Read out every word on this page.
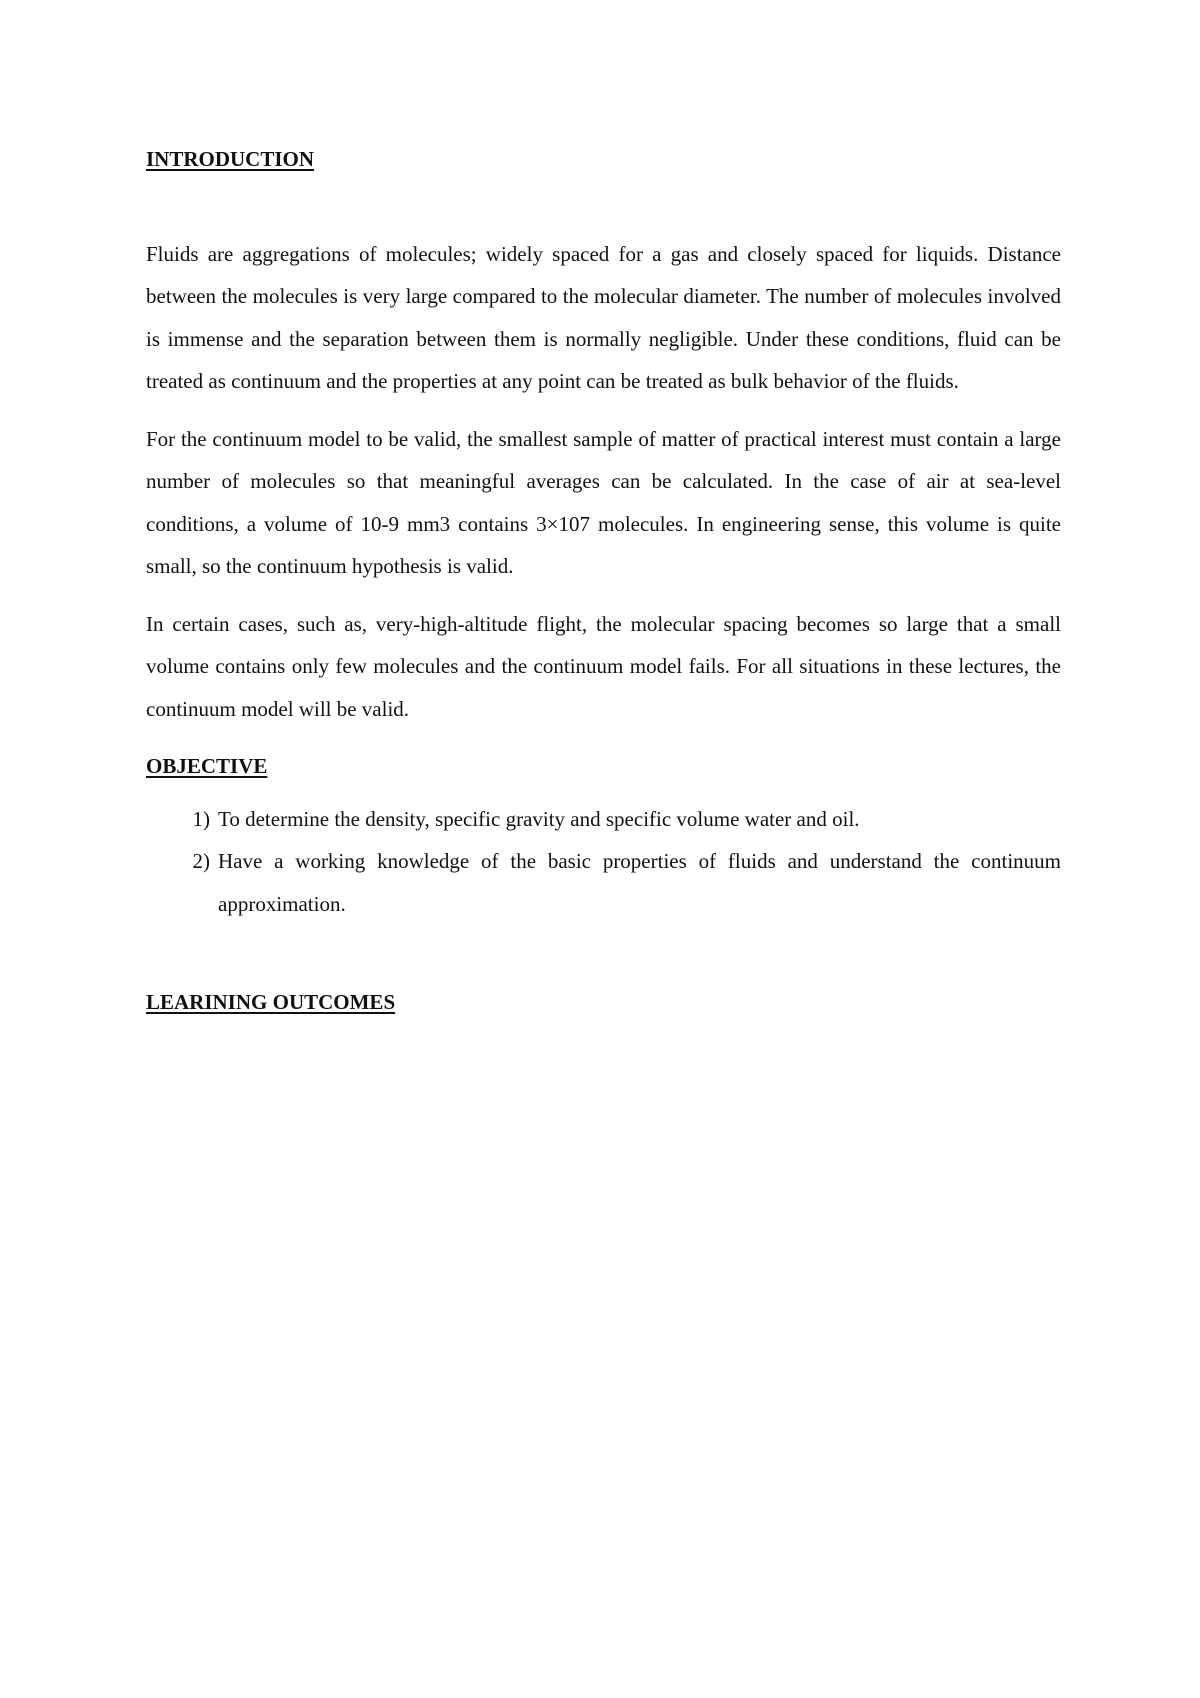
INTRODUCTION

Fluids are aggregations of molecules; widely spaced for a gas and closely spaced for liquids. Distance between the molecules is very large compared to the molecular diameter. The number of molecules involved is immense and the separation between them is normally negligible. Under these conditions, fluid can be treated as continuum and the properties at any point can be treated as bulk behavior of the fluids.

For the continuum model to be valid, the smallest sample of matter of practical interest must contain a large number of molecules so that meaningful averages can be calculated. In the case of air at sea-level conditions, a volume of 10-9 mm3 contains 3×107 molecules. In engineering sense, this volume is quite small, so the continuum hypothesis is valid.

In certain cases, such as, very-high-altitude flight, the molecular spacing becomes so large that a small volume contains only few molecules and the continuum model fails. For all situations in these lectures, the continuum model will be valid.

OBJECTIVE
1) To determine the density, specific gravity and specific volume water and oil.
2) Have a working knowledge of the basic properties of fluids and understand the continuum approximation.
LEARINING OUTCOMES
